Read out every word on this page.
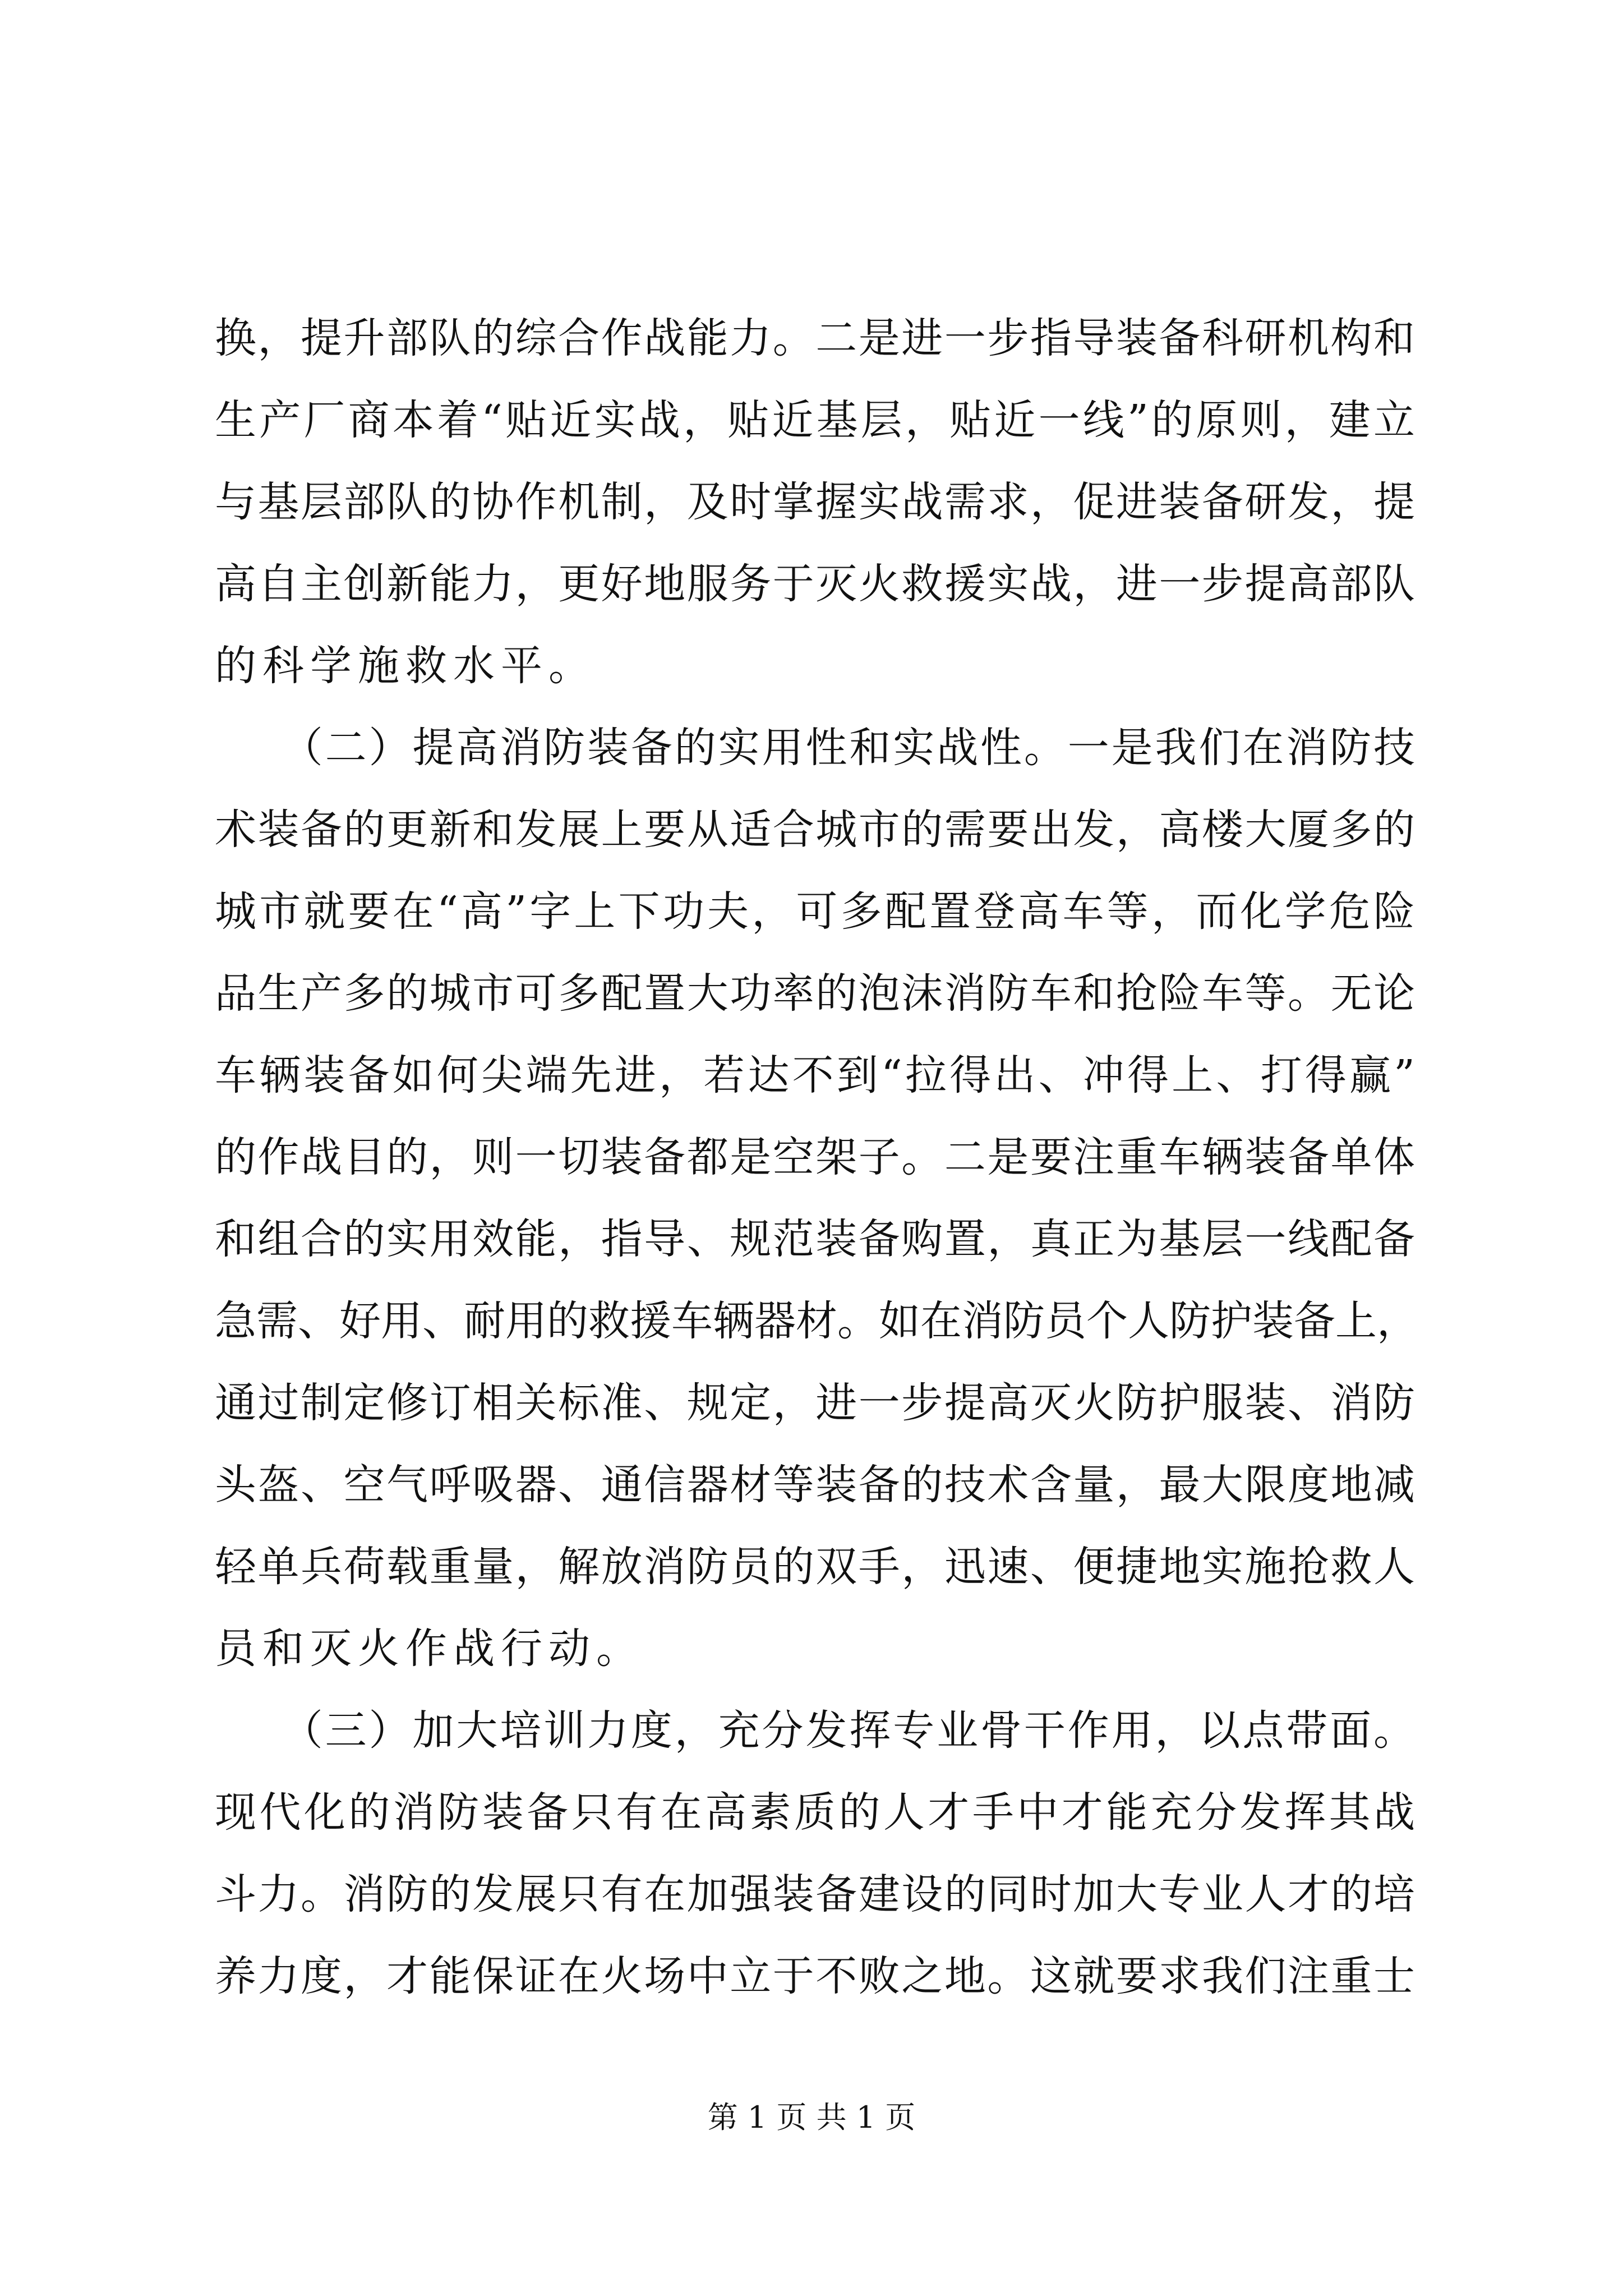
换，提升部队的综合作战能力。二是进一步指导装备科研机构和
生产厂商本着“贴近实战，贴近基层，贴近一线”的原则，建立
与基层部队的协作机制，及时掌握实战需求，促进装备研发，提
高自主创新能力，更好地服务于灭火救援实战，进一步提高部队
的科学施救水平。
　　（二）提高消防装备的实用性和实战性。一是我们在消防技
术装备的更新和发展上要从适合城市的需要出发，高楼大厦多的
城市就要在“高”字上下功夫，可多配置登高车等，而化学危险
品生产多的城市可多配置大功率的泡沫消防车和抢险车等。无论
车辆装备如何尖端先进，若达不到“拉得出、冲得上、打得赢”
的作战目的，则一切装备都是空架子。二是要注重车辆装备单体
和组合的实用效能，指导、规范装备购置，真正为基层一线配备
急需、好用、耐用的救援车辆器材。如在消防员个人防护装备上，
通过制定修订相关标准、规定，进一步提高灭火防护服装、消防
头盔、空气呼吸器、通信器材等装备的技术含量，最大限度地减
轻单兵荷载重量，解放消防员的双手，迅速、便捷地实施抢救人
员和灭火作战行动。
　　（三）加大培训力度，充分发挥专业骨干作用，以点带面。
现代化的消防装备只有在高素质的人才手中才能充分发挥其战
斗力。消防的发展只有在加强装备建设的同时加大专业人才的培
养力度，才能保证在火场中立于不败之地。这就要求我们注重士
第 1 页 共 1 页
